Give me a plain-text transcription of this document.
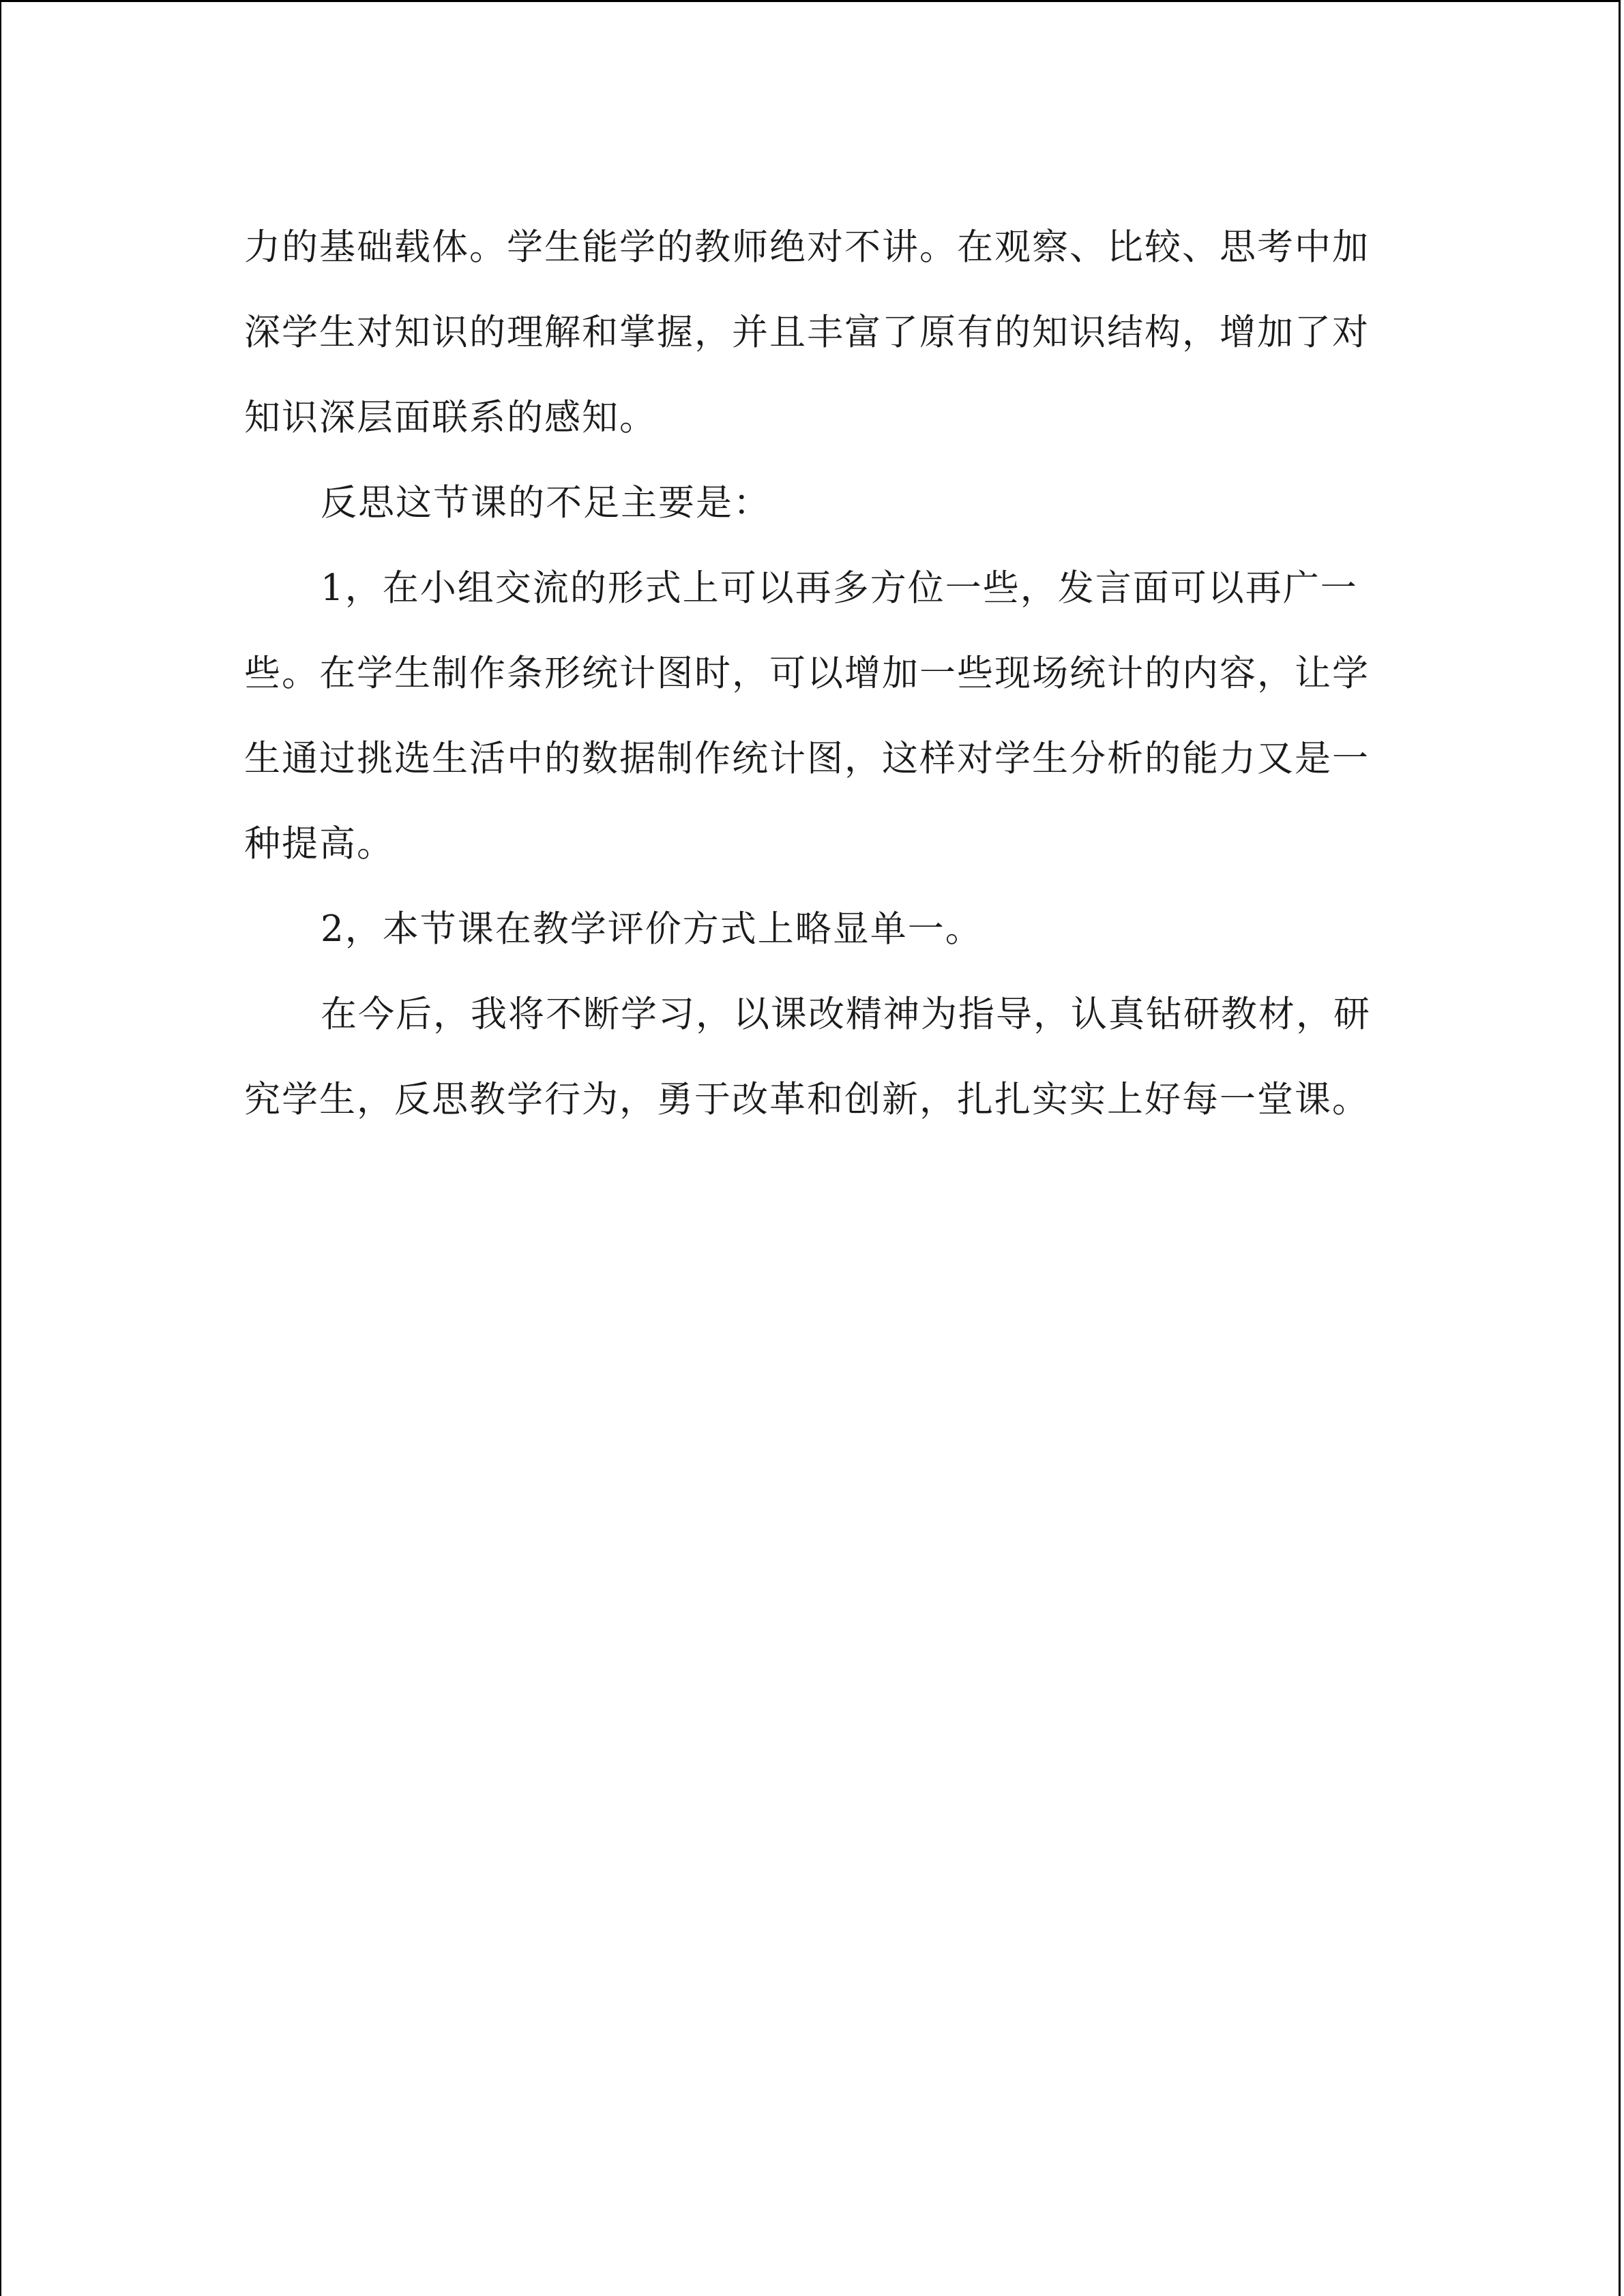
力的基础载体。学生能学的教师绝对不讲。在观察、比较、思考中加深学生对知识的理解和掌握，并且丰富了原有的知识结构，增加了对知识深层面联系的感知。

反思这节课的不足主要是：

1，在小组交流的形式上可以再多方位一些，发言面可以再广一些。在学生制作条形统计图时，可以增加一些现场统计的内容，让学生通过挑选生活中的数据制作统计图，这样对学生分析的能力又是一种提高。

2，本节课在教学评价方式上略显单一。

在今后，我将不断学习，以课改精神为指导，认真钻研教材，研究学生，反思教学行为，勇于改革和创新，扎扎实实上好每一堂课。
